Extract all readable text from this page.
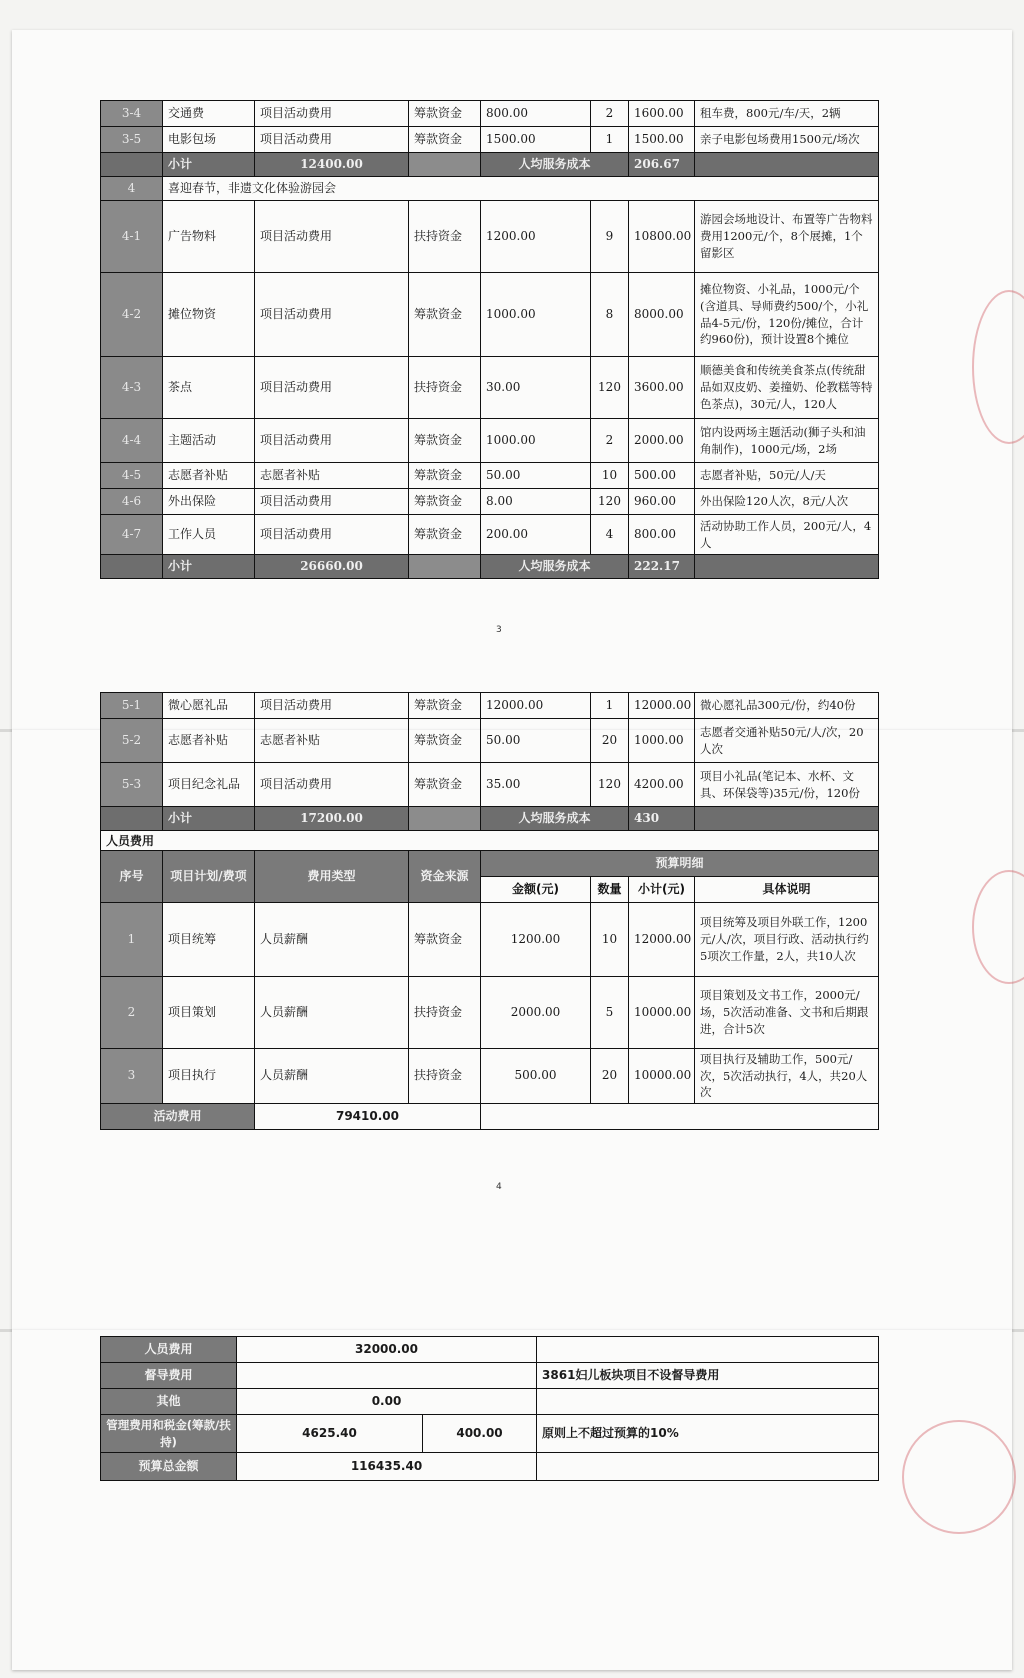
3-4	交通费	项目活动费用	筹款资金	800.00	2	1600.00	租车费，800元/车/天，2辆
3-5	电影包场	项目活动费用	筹款资金	1500.00	1	1500.00	亲子电影包场费用1500元/场次
	小计	12400.00		人均服务成本		206.67	
4	喜迎春节，非遗文化体验游园会						
4-1	广告物料	项目活动费用	扶持资金	1200.00	9	10800.00	游园会场地设计、布置等广告物料费用1200元/个，8个展摊，1个留影区
4-2	摊位物资	项目活动费用	筹款资金	1000.00	8	8000.00	摊位物资、小礼品，1000元/个(含道具、导师费约500/个，小礼品4-5元/份，120份/摊位，合计约960份)，预计设置8个摊位
4-3	茶点	项目活动费用	扶持资金	30.00	120	3600.00	顺德美食和传统美食茶点(传统甜品如双皮奶、姜撞奶、伦教糕等特色茶点)，30元/人，120人
4-4	主题活动	项目活动费用	筹款资金	1000.00	2	2000.00	馆内设两场主题活动(狮子头和油角制作)，1000元/场，2场
4-5	志愿者补贴	志愿者补贴	筹款资金	50.00	10	500.00	志愿者补贴，50元/人/天
4-6	外出保险	项目活动费用	筹款资金	8.00	120	960.00	外出保险120人次，8元/人次
4-7	工作人员	项目活动费用	筹款资金	200.00	4	800.00	活动协助工作人员，200元/人，4人
	小计	26660.00		人均服务成本		222.17	
3
5-1	微心愿礼品	项目活动费用	筹款资金	12000.00	1	12000.00	微心愿礼品300元/份，约40份
5-2	志愿者补贴	志愿者补贴	筹款资金	50.00	20	1000.00	志愿者交通补贴50元/人/次，20人次
5-3	项目纪念礼品	项目活动费用	筹款资金	35.00	120	4200.00	项目小礼品(笔记本、水杯、文具、环保袋等)35元/份，120份
	小计	17200.00		人均服务成本		430	
人员费用							
序号	项目计划/费项	费用类型	资金来源	预算明细			
				金额(元)	数量	小计(元)	具体说明
1	项目统筹	人员薪酬	筹款资金	1200.00	10	12000.00	项目统筹及项目外联工作，1200元/人/次，项目行政、活动执行约5项次工作量，2人，共10人次
2	项目策划	人员薪酬	扶持资金	2000.00	5	10000.00	项目策划及文书工作，2000元/场，5次活动准备、文书和后期跟进，合计5次
3	项目执行	人员薪酬	扶持资金	500.00	20	10000.00	项目执行及辅助工作，500元/次，5次活动执行，4人，共20人次
活动费用		79410.00					
4
人员费用	32000.00		
督导费用			3861妇儿板块项目不设督导费用
其他	0.00		
管理费用和税金(筹款/扶持)	4625.40	400.00	原则上不超过预算的10%
预算总金额	116435.40		
